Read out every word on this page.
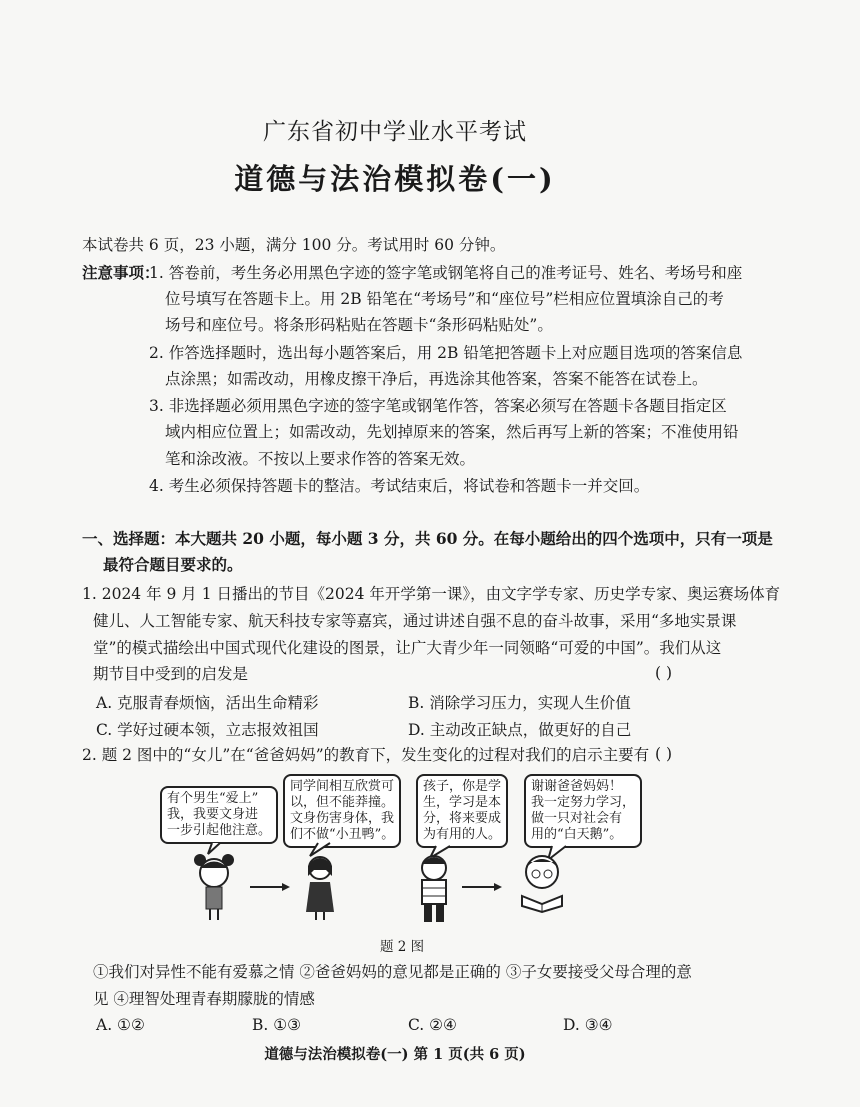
广东省初中学业水平考试
道德与法治模拟卷(一)
本试卷共 6 页，23 小题，满分 100 分。考试用时 60 分钟。
注意事项：
1. 答卷前，考生务必用黑色字迹的签字笔或钢笔将自己的准考证号、姓名、考场号和座
位号填写在答题卡上。用 2B 铅笔在“考场号”和“座位号”栏相应位置填涂自己的考
场号和座位号。将条形码粘贴在答题卡“条形码粘贴处”。
2. 作答选择题时，选出每小题答案后，用 2B 铅笔把答题卡上对应题目选项的答案信息
点涂黑；如需改动，用橡皮擦干净后，再选涂其他答案，答案不能答在试卷上。
3. 非选择题必须用黑色字迹的签字笔或钢笔作答，答案必须写在答题卡各题目指定区
域内相应位置上；如需改动，先划掉原来的答案，然后再写上新的答案；不准使用铅
笔和涂改液。不按以上要求作答的答案无效。
4. 考生必须保持答题卡的整洁。考试结束后，将试卷和答题卡一并交回。
一、选择题：本大题共 20 小题，每小题 3 分，共 60 分。在每小题给出的四个选项中，只有一项是
最符合题目要求的。
1. 2024 年 9 月 1 日播出的节目《2024 年开学第一课》，由文字学专家、历史学专家、奥运赛场体育
健儿、人工智能专家、航天科技专家等嘉宾，通过讲述自强不息的奋斗故事，采用“多地实景课
堂”的模式描绘出中国式现代化建设的图景，让广大青少年一同领略“可爱的中国”。我们从这
期节目中受到的启发是	( )
A. 克服青春烦恼，活出生命精彩	B. 消除学习压力，实现人生价值
C. 学好过硬本领，立志报效祖国	D. 主动改正缺点，做更好的自己
2. 题 2 图中的“女儿”在“爸爸妈妈”的教育下，发生变化的过程对我们的启示主要有 ( )
有个男生“爱上”
我，我要文身进
一步引起他注意。
同学间相互欣赏可
以，但不能莽撞。
文身伤害身体，我
们不做“小丑鸭”。
孩子，你是学
生，学习是本
分，将来要成
为有用的人。
谢谢爸爸妈妈！
我一定努力学习，
做一只对社会有
用的“白天鹅”。
题 2 图
①我们对异性不能有爱慕之情 ②爸爸妈妈的意见都是正确的 ③子女要接受父母合理的意
见 ④理智处理青春期朦胧的情感
A. ①②	B. ①③	C. ②④	D. ③④
道德与法治模拟卷(一) 第 1 页(共 6 页)
